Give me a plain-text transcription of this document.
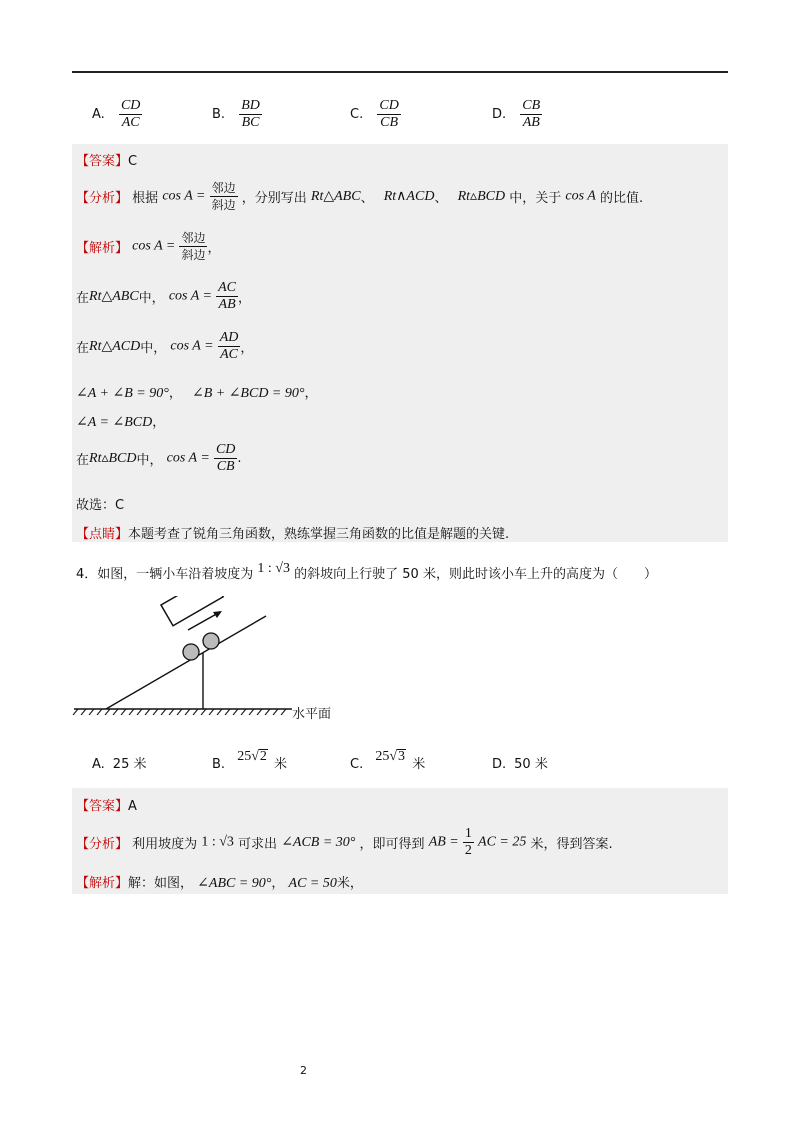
A. $\frac{CD}{AC}$	B. $\frac{BD}{BC}$	C. $\frac{CD}{CB}$	D. $\frac{CB}{AB}$
【答案】C
【分析】 根据 $\cos A = \frac{\text{邻边}}{\text{斜边}}$ ，分别写出 Rt△ABC、 Rt∧ACD、 Rt▵BCD 中，关于 cos A 的比值.
【解析】 $\cos A = \frac{\text{邻边}}{\text{斜边}}$ ，
在Rt△ABC中， $\cos A = \frac{AC}{AB}$ ，
在Rt△ACD中， $\cos A = \frac{AD}{AC}$ ，
∠A + ∠B = 90°， ∠B + ∠BCD = 90°，
∠A = ∠BCD，
在Rt▵BCD中， $\cos A = \frac{CD}{CB}$ .
故选：C
【点睛】本题考查了锐角三角函数，熟练掌握三角函数的比值是解题的关键.
4．如图，一辆小车沿着坡度为 1 : √3 的斜坡向上行驶了 50 米，则此时该小车上升的高度为（　　）
水平面
A. 25 米	B. 25√2 米	C. 25√3 米	D. 50 米
【答案】A
【分析】 利用坡度为 1 : √3 可求出 ∠ACB = 30° ，即可得到 AB = $\frac{1}{2}$ AC = 25 米，得到答案.
【解析】解：如图， ∠ABC = 90°， AC = 50米，
2
